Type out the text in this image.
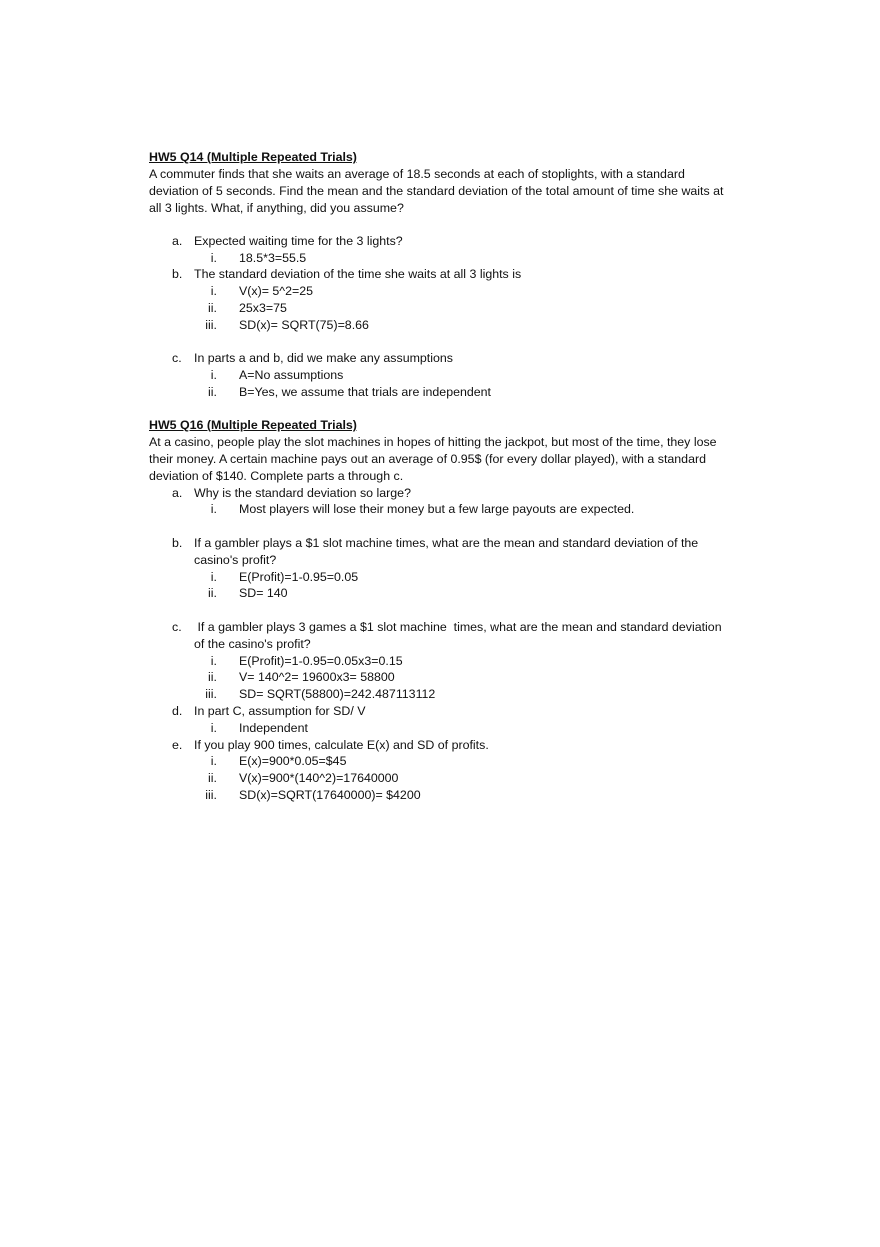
HW5 Q14 (Multiple Repeated Trials)
A commuter finds that she waits an average of 18.5 seconds at each of stoplights, with a standard
deviation of 5 seconds. Find the mean and the standard deviation of the total amount of time she waits at
all 3 lights. What, if anything, did you assume?
a. Expected waiting time for the 3 lights?
i. 18.5*3=55.5
b. The standard deviation of the time she waits at all 3 lights is
i. V(x)= 5^2=25
ii. 25x3=75
iii. SD(x)= SQRT(75)=8.66
c. In parts a and b, did we make any assumptions
i. A=No assumptions
ii. B=Yes, we assume that trials are independent
HW5 Q16 (Multiple Repeated Trials)
At a casino, people play the slot machines in hopes of hitting the jackpot, but most of the time, they lose
their money. A certain machine pays out an average of 0.95$ (for every dollar played), with a standard
deviation of $140. Complete parts a through c.
a. Why is the standard deviation so large?
i. Most players will lose their money but a few large payouts are expected.
b. If a gambler plays a $1 slot machine times, what are the mean and standard deviation of the
casino's profit?
i. E(Profit)=1-0.95=0.05
ii. SD= 140
c. If a gambler plays 3 games a $1 slot machine  times, what are the mean and standard deviation
of the casino's profit?
i. E(Profit)=1-0.95=0.05x3=0.15
ii. V= 140^2= 19600x3= 58800
iii. SD= SQRT(58800)=242.487113112
d. In part C, assumption for SD/ V
i. Independent
e. If you play 900 times, calculate E(x) and SD of profits.
i. E(x)=900*0.05=$45
ii. V(x)=900*(140^2)=17640000
iii. SD(x)=SQRT(17640000)= $4200
